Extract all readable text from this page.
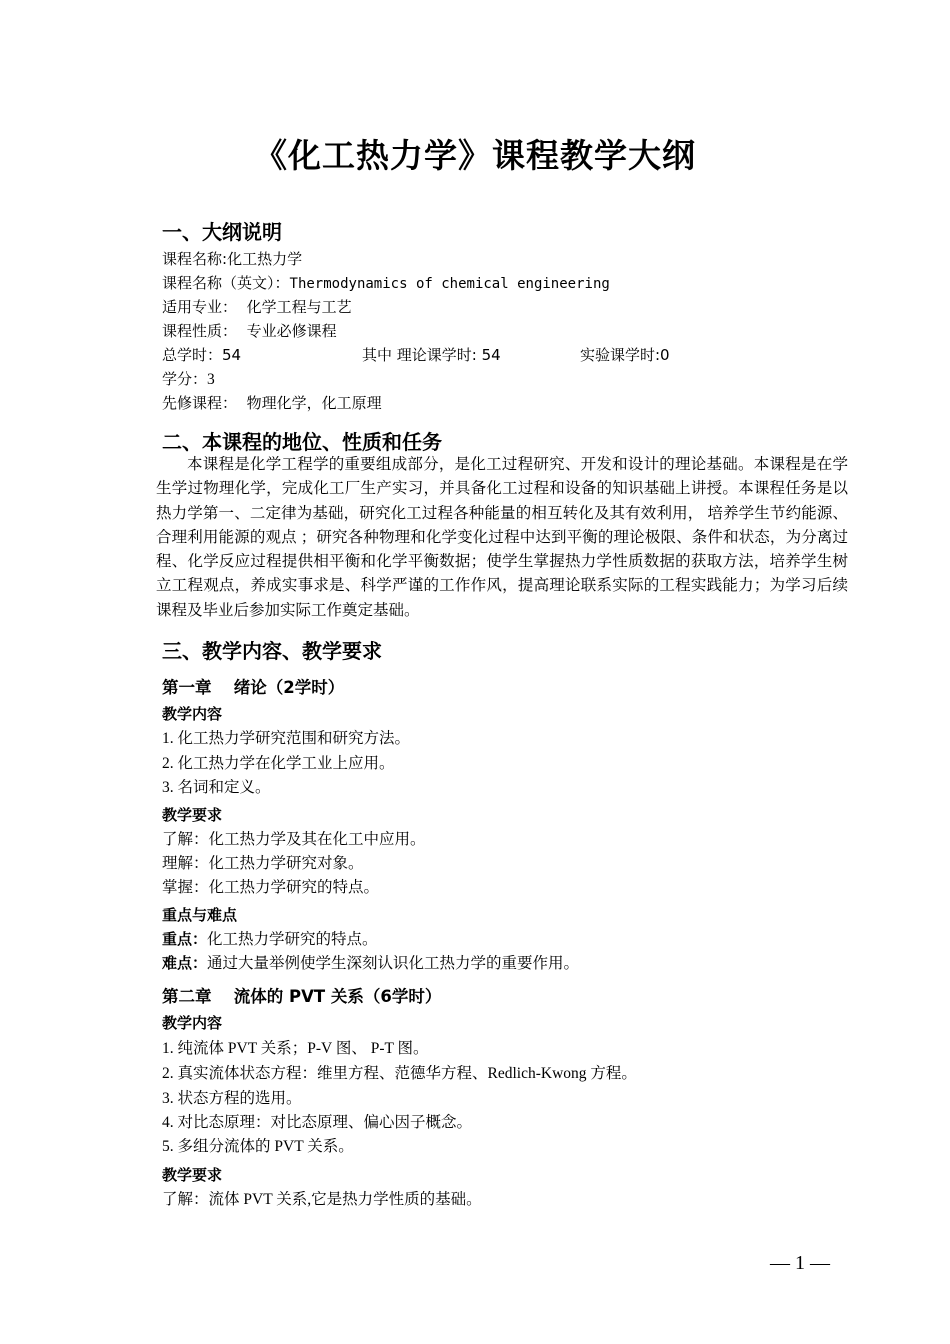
《化工热力学》课程教学大纲
一、大纲说明
课程名称:化工热力学
课程名称（英文）：Thermodynamics of chemical engineering
适用专业： 化学工程与工艺
课程性质： 专业必修课程
总学时：54	其中 理论课学时: 54	实验课学时:0
学分：3
先修课程： 物理化学，化工原理
二、本课程的地位、性质和任务
本课程是化学工程学的重要组成部分，是化工过程研究、开发和设计的理论基础。本课程是在学生学过物理化学，完成化工厂生产实习，并具备化工过程和设备的知识基础上讲授。本课程任务是以热力学第一、二定律为基础，研究化工过程各种能量的相互转化及其有效利用， 培养学生节约能源、合理利用能源的观点 ；研究各种物理和化学变化过程中达到平衡的理论极限、条件和状态，为分离过程、化学反应过程提供相平衡和化学平衡数据；使学生掌握热力学性质数据的获取方法，培养学生树立工程观点，养成实事求是、科学严谨的工作作风，提高理论联系实际的工程实践能力；为学习后续课程及毕业后参加实际工作奠定基础。
三、教学内容、教学要求
第一章　 绪论（2学时）
教学内容
1. 化工热力学研究范围和研究方法。
2. 化工热力学在化学工业上应用。
3. 名词和定义。
教学要求
了解：化工热力学及其在化工中应用。
理解：化工热力学研究对象。
掌握：化工热力学研究的特点。
重点与难点
重点：化工热力学研究的特点。
难点：通过大量举例使学生深刻认识化工热力学的重要作用。
第二章　 流体的 PVT 关系（6学时）
教学内容
1. 纯流体 PVT 关系；P-V 图、 P-T 图。
2. 真实流体状态方程：维里方程、范德华方程、Redlich-Kwong 方程。
3. 状态方程的选用。
4. 对比态原理：对比态原理、偏心因子概念。
5. 多组分流体的 PVT 关系。
教学要求
了解：流体 PVT 关系,它是热力学性质的基础。
— 1 —
